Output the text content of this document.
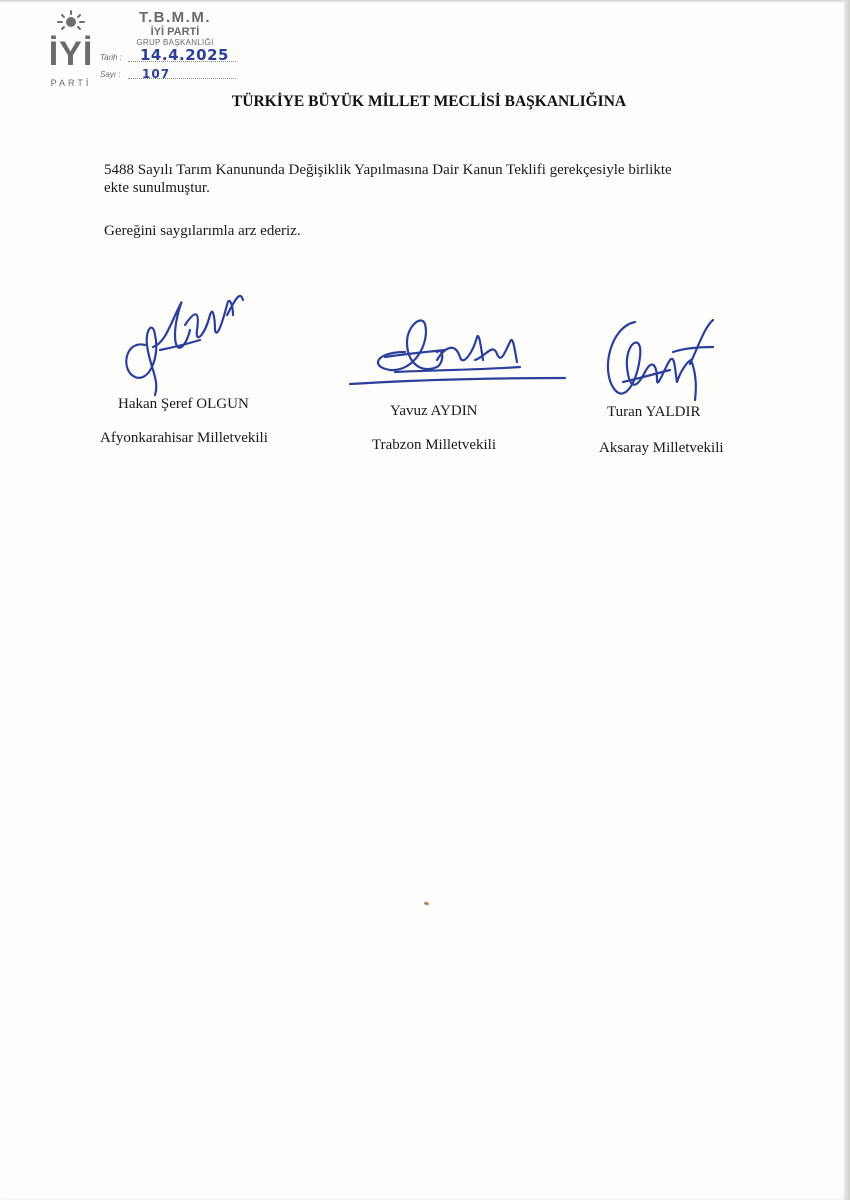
İYİ
PARTİ
T.B.M.M.
İYİ PARTİ
GRUP BAŞKANLIĞI
Tarih : 14.4.2025
Sayı : 107
TÜRKİYE BÜYÜK MİLLET MECLİSİ BAŞKANLIĞINA
5488 Sayılı Tarım Kanununda Değişiklik Yapılmasına Dair Kanun Teklifi gerekçesiyle birlikte
ekte sunulmuştur.
Gereğini saygılarımla arz ederiz.
Hakan Şeref OLGUN
Afyonkarahisar Milletvekili
Yavuz AYDIN
Trabzon Milletvekili
Turan YALDIR
Aksaray Milletvekili
